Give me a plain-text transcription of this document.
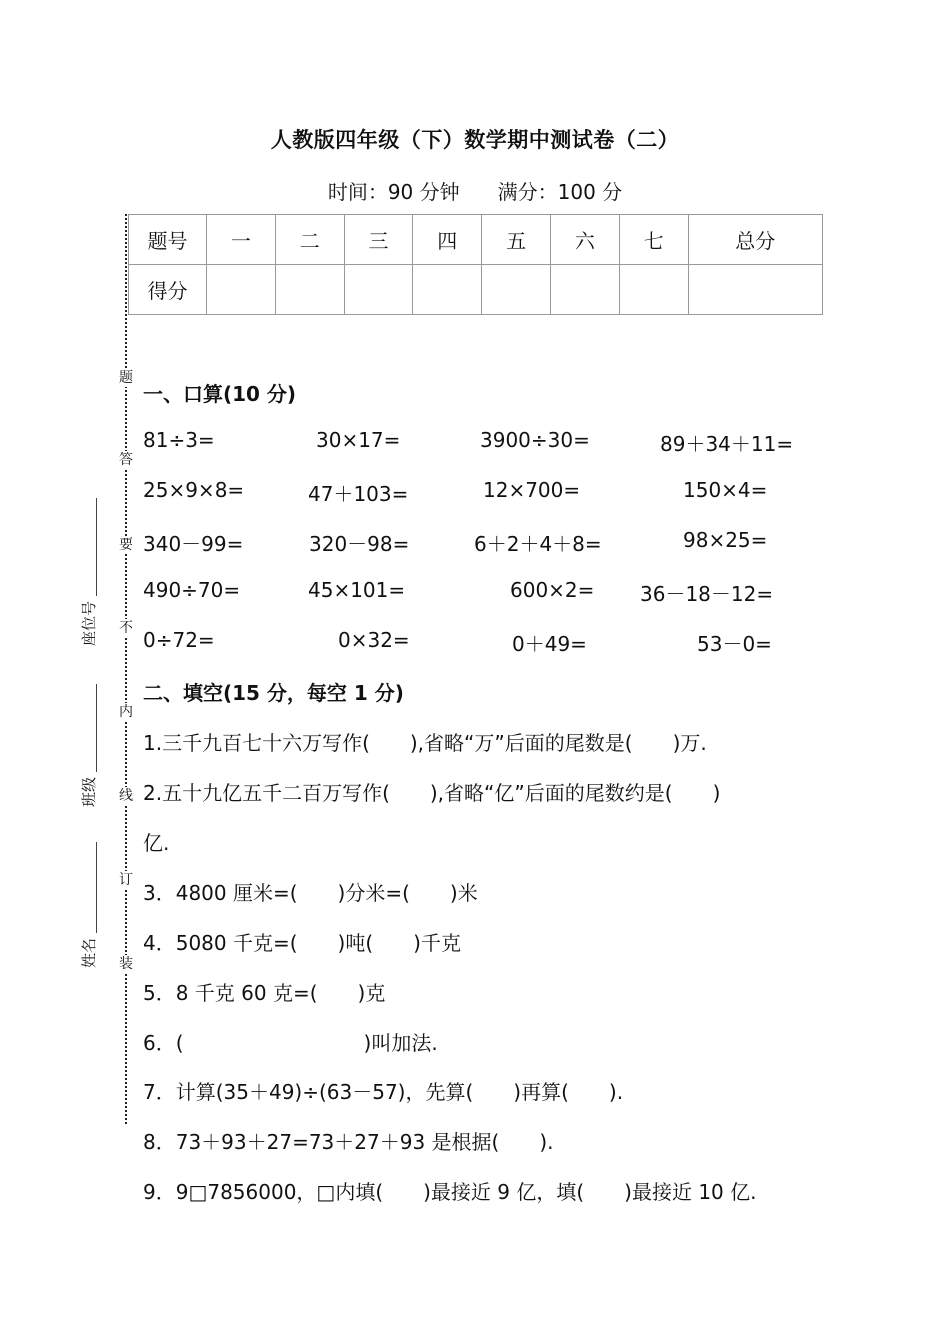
人教版四年级（下）数学期中测试卷（二）
时间：90 分钟 满分：100 分
题号	一	二	三	四	五	六	七	总分
得分								
题
答
要
不
内
线
订
装
座位号
班级
姓名
一、口算(10 分)
81÷3=	30×17=	3900÷30=	89＋34＋11=
25×9×8=	47＋103=	12×700=	150×4=
340－99=	320－98=	6＋2＋4＋8=	98×25=
490÷70=	45×101=	600×2= 36－18－12=
0÷72=	0×32=	0＋49=	53－0=
二、填空(15 分，每空 1 分)
1.三千九百七十六万写作(　　),省略“万”后面的尾数是(　　)万.
2.五十九亿五千二百万写作(　　),省略“亿”后面的尾数约是(　　)
亿.
3．4800 厘米=(　　)分米=(　　)米
4．5080 千克=(　　)吨(　　)千克
5．8 千克 60 克=(　　)克
6．(　　　　　　　　　)叫加法.
7．计算(35＋49)÷(63－57)，先算(　　)再算(　　).
8．73＋93＋27=73＋27＋93 是根据(　　).
9．9□7856000，□内填(　　)最接近 9 亿，填(　　)最接近 10 亿.
